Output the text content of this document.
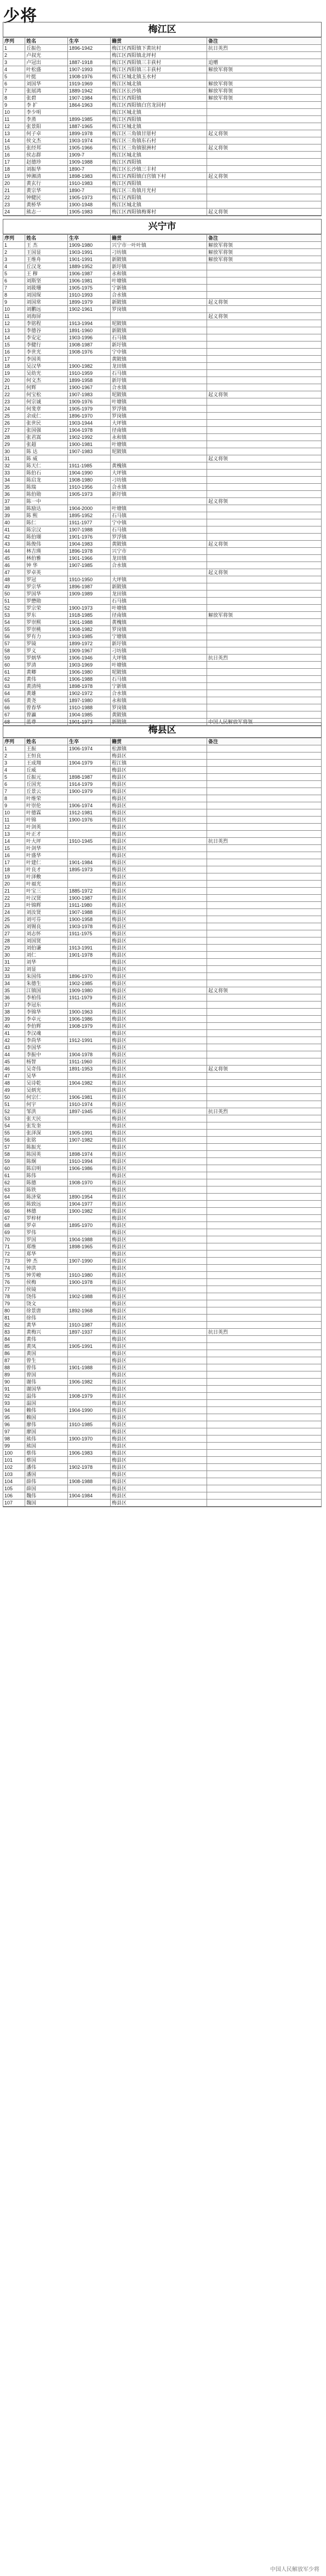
少将
梅江区
序列	姓名	生卒	籍贯	备注
1	丘振色	1896-1942	梅江区西阳镇下黄坑村	抗日英烈
2	卢叔光		梅江区西阳镇北坪村	
3	卢冠出	1887-1918	梅江区西阳镇三丰荻村	追赠
4	叶松盛	1907-1993	梅江区西阳镇三丰荻村	解放军将领
5	叶挺	1908-1976	梅江区城北镇玉水村	
6	刘国华	1919-1969	梅江区城北镇	解放军将领
7	张展鸿	1889-1942	梅江区长沙镇	解放军将领
8	张碧	1907-1984	梅江区西阳镇	解放军将领
9	李 扩	1864-1963	梅江区西阳镇白宫龙回村	
10	李少明		梅江区城北镇	
11	李蒸	1899-1985	梅江区西阳镇	
12	张景阳	1887-1965	梅江区城北镇	
13	何子卓	1899-1978	梅江区三角镇甘厝村	起义将领
14	侯文杰	1903-1974	梅江区三角镇东石村	
15	张经邦	1905-1966	梅江区三角镇银洲村	起义将领
16	侯志群	1909-7	梅江区城北镇	
17	赵德珍	1909-1988	梅江区西阳镇	
18	刘振华	1890-7	梅江区长沙镇三丰村	
19	钟湘清	1898-1983	梅江区西阳镇白宫镇下村	起义将领
20	黄玄行	1910-1983	梅江区西阳镇	
21	黄宗华	1890-7	梅江区三角镇月光村	
22	钟健民	1905-1973	梅江区西阳镇	
23	黄桥华	1900-1948	梅江区城北镇	
24	熊志一	1905-1983	梅江区西阳镇梅雾村	起义将领
兴宁市
序列	姓名	生卒	籍贯	备注
1	王 杰	1909-1980	兴宁市一叶叶镇	解放军将领
2	王国显	1903-1991	刁坊镇	解放军将领
3	王维舟	1901-1991	新陂镇	解放军将领
4	丘汉龙	1889-1952	新圩镇	
5	王 穆	1906-1987	永和镇	
6	刘斯坚	1906-1981	叶塘镇	
7	刘筱珊	1905-1975	宁新镇	
8	刘国琛	1910-1993	合水镇	
9	刘国常	1899-1979	新陂镇	起义将领
10	刘鹏远	1902-1961	罗岗镇	
11	刘海屏			起义将领
12	李铭程	1913-1994	坭陂镇	
13	李德谷	1891-1960	新陂镇	
14	李安定	1903-1996	石马镇	
15	李健行	1908-1987	新圩镇	
16	李世光	1908-1976	宁中镇	
17	李国英		黄陂镇	
18	吴汉华	1900-1982	龙田镇	
19	吴幼光	1910-1959	石马镇	
20	何文杰	1899-1958	新圩镇	
21	何辉	1900-1967	合水镇	
22	何宝松	1907-1983	坭陂镇	起义将领
23	何宗诚	1909-1976	叶塘镇	
24	何斐章	1905-1979	罗浮镇	
25	余成仁	1896-1970	罗岗镇	
26	张世民	1903-1944	大坪镇	
27	张国强	1904-1978	径南镇	
28	张君嵩	1902-1992	永和镇	
29	张超	1900-1981	叶塘镇	
30	陈 达	1907-1983	坭陂镇	
31	陈 威			起义将领
32	陈天仁	1911-1985	黄槐镇	
33	陈伯石	1904-1990	大坪镇	
34	陈启龙	1908-1980	刁坊镇	
35	陈瑞	1910-1956	合水镇	
36	陈伯勋	1905-1973	新圩镇	
37	陈一中			起义将领
38	陈励达	1904-2000	叶塘镇	
39	陈 熙	1895-1952	石马镇	
40	陈仁	1911-1977	宁中镇	
41	陈宗汉	1907-1988	石马镇	
42	陈伯瑚	1901-1976	罗浮镇	
43	陈俊伟	1904-1983	黄陂镇	起义将领
44	林吉瑛	1896-1978	兴宁市	
45	林伯雅	1901-1966	龙田镇	
46	钟 华	1907-1985	合水镇	
47	罗卓英			起义将领
48	罗冠	1910-1950	大坪镇	
49	罗宗华	1896-1987	新陂镇	
50	罗国华	1909-1989	龙田镇	
51	罗懋勋		石马镇	
52	罗宗荣	1900-1973	叶塘镇	
53	罗东	1918-1985	径南镇	解放军将领
54	罗崇熙	1901-1988	黄槐镇	
55	罗崇桃	1908-1982	罗岗镇	
56	罗有力	1903-1985	宁塘镇	
57	罗镜	1899-1972	新圩镇	
58	罗义	1909-1967	刁坊镇	
59	罗炳华	1906-1946	大坪镇	抗日英烈
60	罗清	1903-1969	叶塘镇	
61	黄卿	1906-1980	坭陂镇	
62	黄伟	1906-1988	石马镇	
63	黄清纯	1898-1978	宁新镇	
64	黄雄	1902-1972	合水镇	
65	黄尧	1897-1980	永和镇	
66	曾春华	1910-1988	罗岗镇	
67	曾瀛	1904-1985	黄陂镇	
68	蓝尊	1901-1973	新陂镇	中国人民解放军将领
梅县区
序列	姓名	生卒	籍贯	备注
1	王振	1906-1974	松源镇	
2	王恒良		梅县区	
3	王成翔	1904-1979	程江镇	
4	丘威		梅县区	
5	丘振元	1898-1987	梅县区	
6	丘国光	1914-1979	梅县区	
7	丘景云	1900-1979	梅县区	
8	叶维荣		梅县区	
9	叶崇伦	1906-1974	梅县区	
10	叶德霖	1912-1981	梅县区	
11	叶锦	1900-1976	梅县区	
12	叶剑英		梅县区	
13	叶正才		梅县区	
14	叶大坪	1910-1945	梅县区	抗日英烈
15	叶剑华		梅县区	
16	叶盛华		梅县区	
17	叶建仁	1901-1984	梅县区	
18	叶良才	1895-1973	梅县区	
19	叶泽敷		梅县区	
20	叶福光		梅县区	
21	叶宝三	1885-1972	梅县区	
22	叶汉贤	1900-1987	梅县区	
23	叶锦辉	1911-1980	梅县区	
24	刘汝贤	1907-1988	梅县区	
25	刘可芬	1900-1958	梅县区	
26	刘锡良	1903-1978	梅县区	
27	刘志怀	1911-1975	梅县区	
28	刘国贤		梅县区	
29	刘伯谦	1913-1991	梅县区	
30	刘仁	1901-1978	梅县区	
31	刘华		梅县区	
32	刘显		梅县区	
33	朱国伟	1896-1970	梅县区	
34	朱德生	1902-1985	梅县区	
35	江镇国	1909-1980	梅县区	起义将领
36	李柏伟	1911-1979	梅县区	
37	李冠东		梅县区	
38	李锦华	1900-1963	梅县区	
39	李卓元	1906-1986	梅县区	
40	李伯辉	1908-1979	梅县区	
41	李汉魂		梅县区	
42	李尚华	1912-1991	梅县区	
43	李国华		梅县区	
44	李振中	1904-1978	梅县区	
45	杨智	1911-1960	梅县区	
46	吴奇伟	1891-1953	梅县区	起义将领
47	吴华		梅县区	
48	吴诗乾	1904-1982	梅县区	
49	吴炳光		梅县区	
50	何宗仁	1906-1981	梅县区	
51	何宇	1910-1974	梅县区	
52	邹洪	1897-1945	梅县区	抗日英烈
53	张天民		梅县区	
54	张发奎		梅县区	
55	张泽深	1905-1991	梅县区	
56	张铭	1907-1982	梅县区	
57	陈振光		梅县区	
58	陈国英	1898-1974	梅县区	
59	陈炯	1910-1994	梅县区	
60	陈启明	1906-1986	梅县区	
61	陈伟		梅县区	
62	陈德	1908-1970	梅县区	
63	陈铁		梅县区	
64	陈济棠	1890-1954	梅县区	
65	陈致远	1904-1977	梅县区	
66	林德	1900-1982	梅县区	
67	罗梓材		梅县区	
68	罗卓	1895-1970	梅县区	
69	罗伟		梅县区	
70	罗国	1904-1988	梅县区	
71	郑维	1898-1965	梅县区	
72	郑华		梅县区	
73	钟 杰	1907-1990	梅县区	
74	钟洪		梅县区	
75	钟芳峻	1910-1980	梅县区	
76	侯梅	1900-1978	梅县区	
77	侯镜		梅县区	
78	饶伟	1902-1988	梅县区	
79	饶文		梅县区	
80	徐景唐	1892-1968	梅县区	
81	徐伟		梅县区	
82	黄华	1910-1987	梅县区	
83	黄梅兴	1897-1937	梅县区	抗日英烈
84	黄伟		梅县区	
85	黄凤	1905-1991	梅县区	
86	黄国		梅县区	
87	曾生		梅县区	
88	曾伟	1901-1988	梅县区	
89	曾国		梅县区	
90	谢伟	1906-1982	梅县区	
91	谢国华		梅县区	
92	温伟	1908-1979	梅县区	
93	温国		梅县区	
94	赖伟	1904-1990	梅县区	
95	赖国		梅县区	
96	廖伟	1910-1985	梅县区	
97	廖国		梅县区	
98	熊伟	1900-1970	梅县区	
99	熊国		梅县区	
100	蔡伟	1906-1983	梅县区	
101	蔡国		梅县区	
102	潘伟	1902-1978	梅县区	
103	潘国		梅县区	
104	薛伟	1908-1988	梅县区	
105	薛国		梅县区	
106	魏伟	1904-1984	梅县区	
107	魏国		梅县区	
中国人民解放军少将
